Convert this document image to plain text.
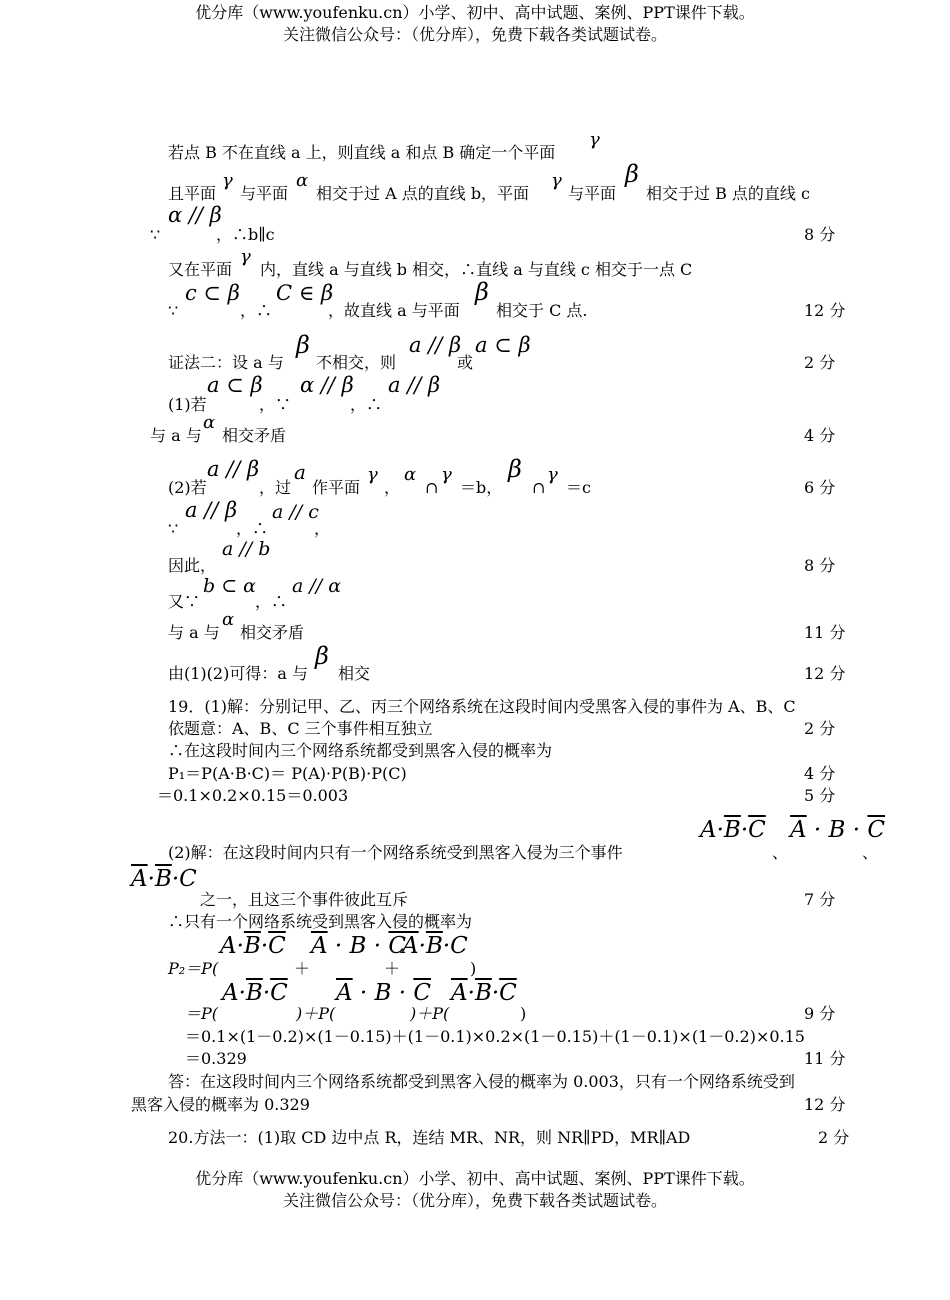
优分库（www.youfenku.cn）小学、初中、高中试题、案例、PPT课件下载。
关注微信公众号：（优分库），免费下载各类试题试卷。
若点 B 不在直线 a 上，则直线 a 和点 B 确定一个平面
γ
且平面
γ
与平面
α
相交于过 A 点的直线 b，平面
γ
与平面
β
相交于过 B 点的直线 c
∵
α // β
，∴b∥c	8 分
又在平面
γ
内，直线 a 与直线 b 相交，∴直线 a 与直线 c 相交于一点 C
∵
c ⊂ β
，∴
C ∈ β
，故直线 a 与平面
β
相交于 C 点.	12 分
证法二：设 a 与
β
不相交，则
a // β
或
a ⊂ β
2 分
(1)若
a ⊂ β
，∵
α // β
，∴
a // β
与 a 与
α
相交矛盾	4 分
(2)若
a // β
，过
a
作平面
γ
，
α
∩
γ
＝b，
β
∩
γ
＝c	6 分
∵
a // β
，∴
a // c
，
因此，
a // b
8 分
又∵
b ⊂ α
，∴
a // α
与 a 与
α
相交矛盾	11 分
由(1)(2)可得：a 与
β
相交	12 分
19．(1)解：分别记甲、乙、丙三个网络系统在这段时间内受黑客入侵的事件为 A、B、C
依题意：A、B、C 三个事件相互独立	2 分
∴在这段时间内三个网络系统都受到黑客入侵的概率为
P₁＝P(A·B·C)＝ P(A)·P(B)·P(C)	4 分
＝0.1×0.2×0.15＝0.003	5 分
(2)解：在这段时间内只有一个网络系统受到黑客入侵为三个事件
$A\cdot\overline{B}\cdot\overline{C}$
、
$\overline{A} \cdot B \cdot \overline{C}$
、
$\overline{A}\cdot\overline{B}\cdot C$
之一，且这三个事件彼此互斥	7 分
∴只有一个网络系统受到黑客入侵的概率为
P₂＝P(
$A\cdot\overline{B}\cdot\overline{C}$
＋
$\overline{A} \cdot B \cdot \overline{C}$
＋
$\overline{A}\cdot\overline{B}\cdot C$
)
＝P(
$A\cdot\overline{B}\cdot\overline{C}$
)＋P(
$\overline{A} \cdot B \cdot \overline{C}$
)＋P(
$\overline{A}\cdot\overline{B}\cdot\overline{C}$
)	9 分
＝0.1×(1－0.2)×(1－0.15)＋(1－0.1)×0.2×(1－0.15)＋(1－0.1)×(1－0.2)×0.15
＝0.329	11 分
答：在这段时间内三个网络系统都受到黑客入侵的概率为 0.003，只有一个网络系统受到
黑客入侵的概率为 0.329	12 分
20.方法一：(1)取 CD 边中点 R，连结 MR、NR，则 NR∥PD，MR∥AD	2 分
优分库（www.youfenku.cn）小学、初中、高中试题、案例、PPT课件下载。
关注微信公众号：（优分库），免费下载各类试题试卷。
